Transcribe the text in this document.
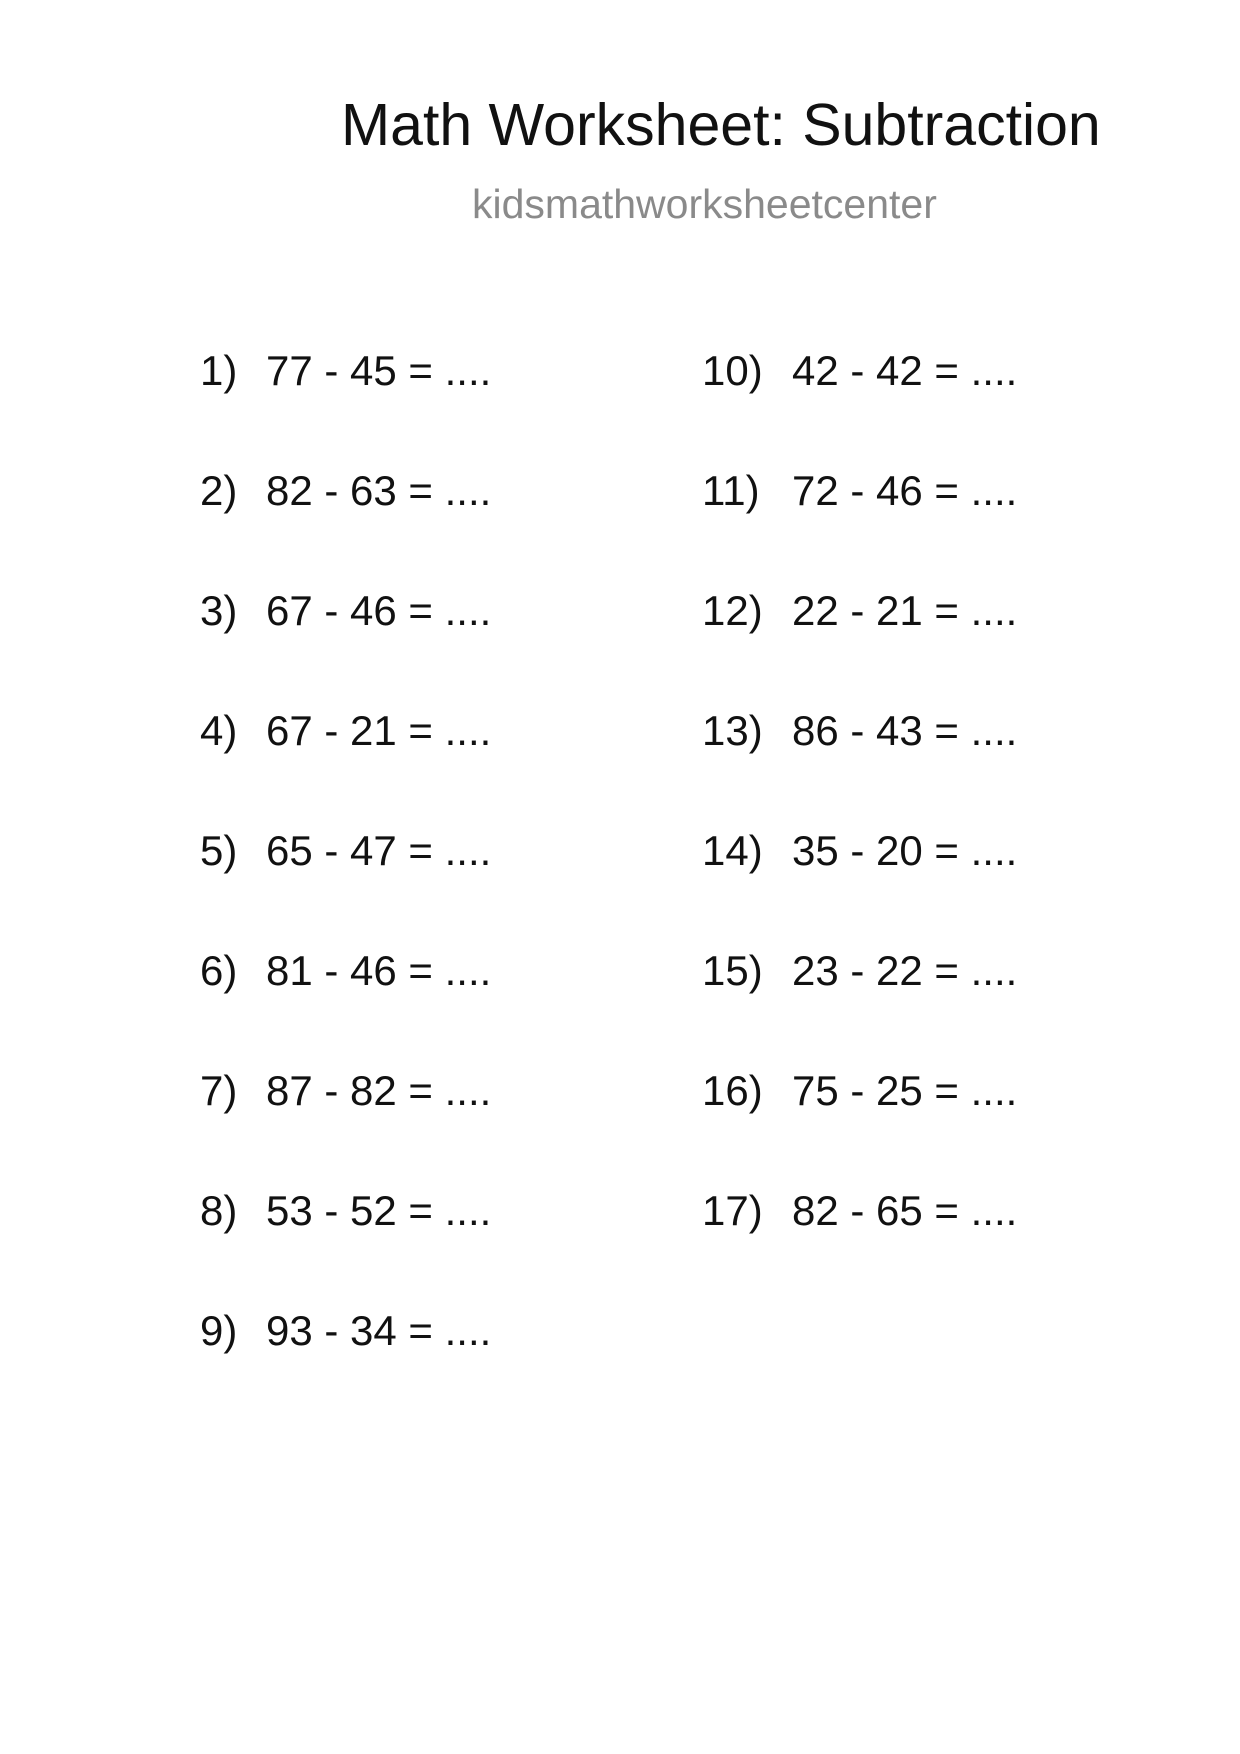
Math Worksheet: Subtraction
kidsmathworksheetcenter
1) 77 - 45 = ....
2) 82 - 63 = ....
3) 67 - 46 = ....
4) 67 - 21 = ....
5) 65 - 47 = ....
6) 81 - 46 = ....
7) 87 - 82 = ....
8) 53 - 52 = ....
9) 93 - 34 = ....
10) 42 - 42 = ....
11) 72 - 46 = ....
12) 22 - 21 = ....
13) 86 - 43 = ....
14) 35 - 20 = ....
15) 23 - 22 = ....
16) 75 - 25 = ....
17) 82 - 65 = ....
